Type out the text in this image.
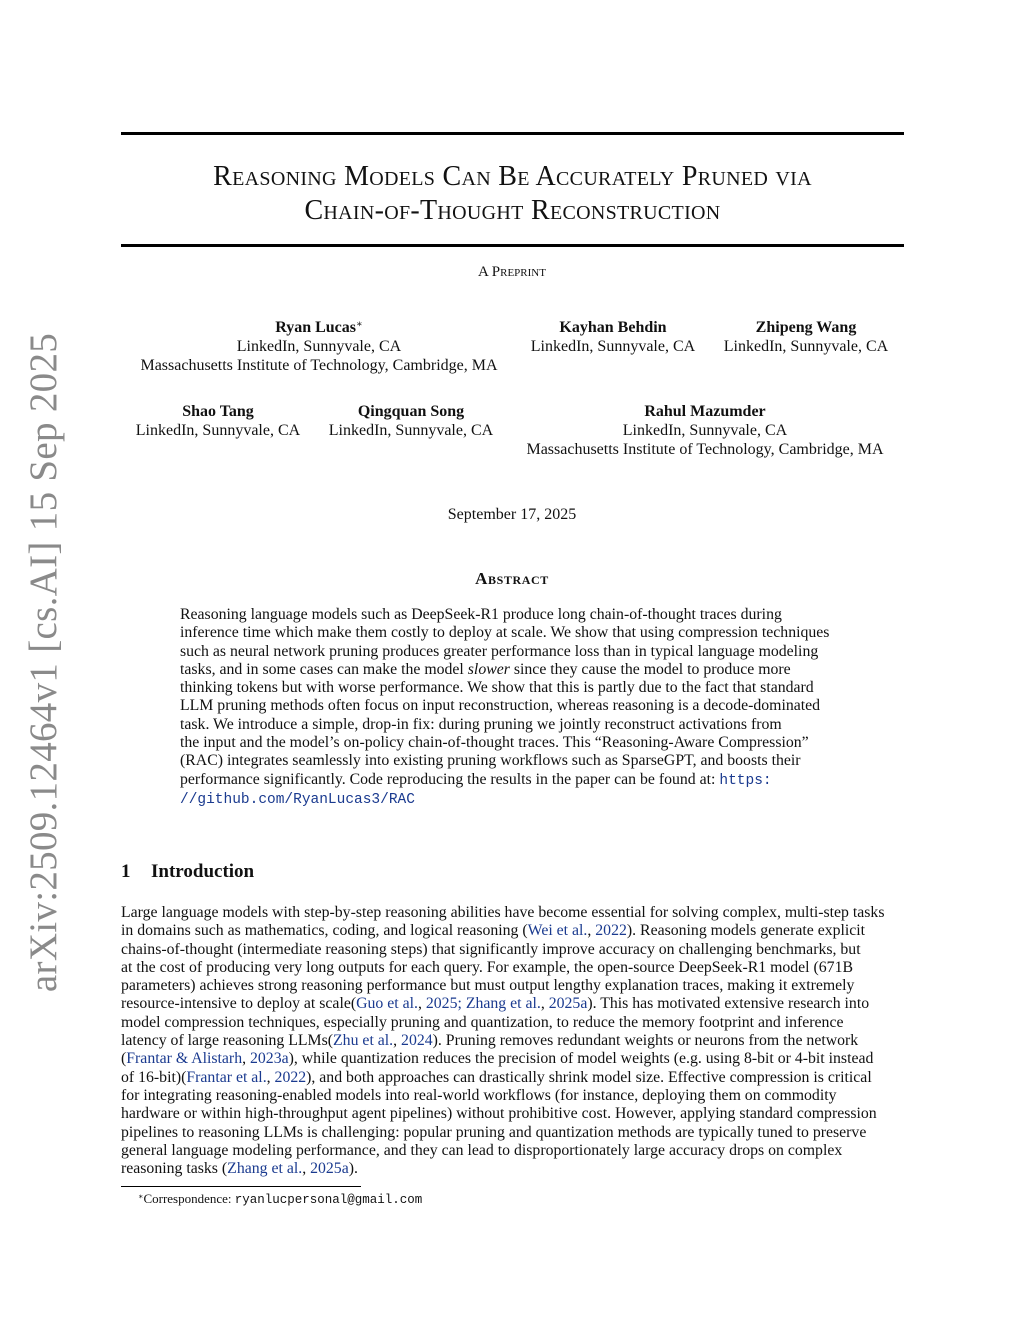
arXiv:2509.12464v1 [cs.AI] 15 Sep 2025
Reasoning Models Can Be Accurately Pruned via
Chain-of-Thought Reconstruction
A Preprint
Ryan Lucas∗
LinkedIn, Sunnyvale, CA
Massachusetts Institute of Technology, Cambridge, MA
Kayhan Behdin
LinkedIn, Sunnyvale, CA
Zhipeng Wang
LinkedIn, Sunnyvale, CA
Shao Tang
LinkedIn, Sunnyvale, CA
Qingquan Song
LinkedIn, Sunnyvale, CA
Rahul Mazumder
LinkedIn, Sunnyvale, CA
Massachusetts Institute of Technology, Cambridge, MA
September 17, 2025
Abstract
Reasoning language models such as DeepSeek-R1 produce long chain-of-thought traces during
inference time which make them costly to deploy at scale. We show that using compression techniques
such as neural network pruning produces greater performance loss than in typical language modeling
tasks, and in some cases can make the model slower since they cause the model to produce more
thinking tokens but with worse performance. We show that this is partly due to the fact that standard
LLM pruning methods often focus on input reconstruction, whereas reasoning is a decode-dominated
task. We introduce a simple, drop-in fix: during pruning we jointly reconstruct activations from
the input and the model’s on-policy chain-of-thought traces. This “Reasoning-Aware Compression”
(RAC) integrates seamlessly into existing pruning workflows such as SparseGPT, and boosts their
performance significantly. Code reproducing the results in the paper can be found at: https:
//github.com/RyanLucas3/RAC
1 Introduction
Large language models with step-by-step reasoning abilities have become essential for solving complex, multi-step tasks
in domains such as mathematics, coding, and logical reasoning (Wei et al., 2022). Reasoning models generate explicit
chains-of-thought (intermediate reasoning steps) that significantly improve accuracy on challenging benchmarks, but
at the cost of producing very long outputs for each query. For example, the open-source DeepSeek-R1 model (671B
parameters) achieves strong reasoning performance but must output lengthy explanation traces, making it extremely
resource-intensive to deploy at scale(Guo et al., 2025; Zhang et al., 2025a). This has motivated extensive research into
model compression techniques, especially pruning and quantization, to reduce the memory footprint and inference
latency of large reasoning LLMs(Zhu et al., 2024). Pruning removes redundant weights or neurons from the network
(Frantar & Alistarh, 2023a), while quantization reduces the precision of model weights (e.g. using 8-bit or 4-bit instead
of 16-bit)(Frantar et al., 2022), and both approaches can drastically shrink model size. Effective compression is critical
for integrating reasoning-enabled models into real-world workflows (for instance, deploying them on commodity
hardware or within high-throughput agent pipelines) without prohibitive cost. However, applying standard compression
pipelines to reasoning LLMs is challenging: popular pruning and quantization methods are typically tuned to preserve
general language modeling performance, and they can lead to disproportionately large accuracy drops on complex
reasoning tasks (Zhang et al., 2025a).
∗Correspondence: ryanlucpersonal@gmail.com
